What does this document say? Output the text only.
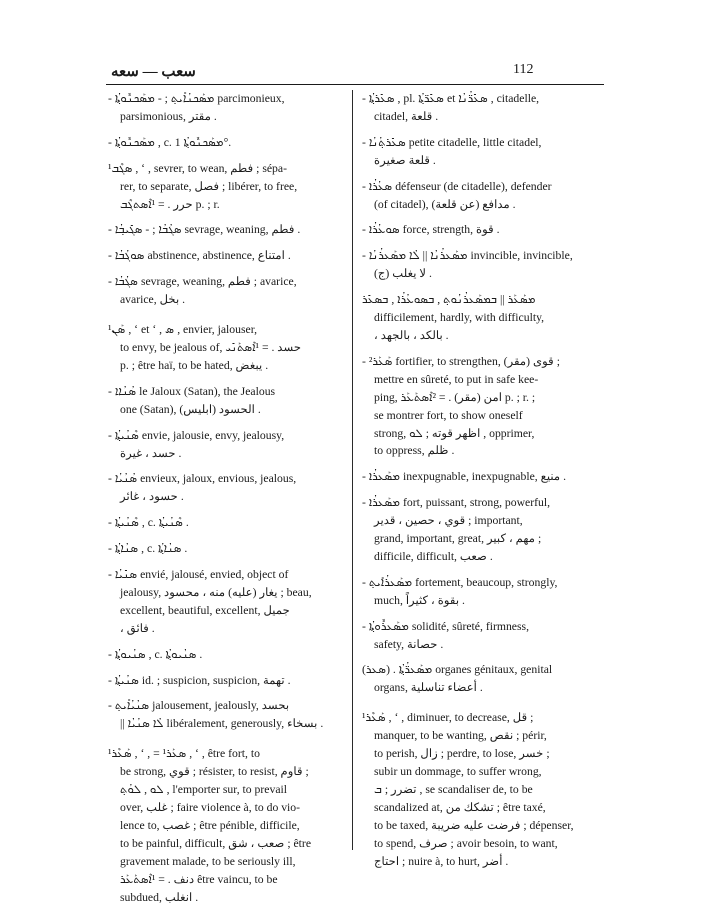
سعب — سعه	112
- ܡܣܰܟܢܳܐܺܝܬ݂ ; - ܡܣܰܟܢܽܘܬ݂ܳܐ parcimonieux,
parsimonious, مقتر .
- ܡܣܰܟܢܽܘܬ݂ܳܐ , c. ܡܣܰܟܢܽܘܬ݂ܳܐ 1°.
¹ܣܓܶܒ , ʻ , sevrer, to wean, فطم ; sépa-
rer, to separate, فصل ; libérer, to free,
حرر . = ¹ܐܶܣܬܓܶܒ p. ; r.
- ܣܓܳܒܳܐ ; - ܣܓܺܝܒ݂ܳܐ sevrage, weaning, فطم .
- ܣܘܓܳܒܳܐ abstinence, abstinence, امتناع .
- ܣܓܳܒܳܐ sevrage, weaning, فطم ; avarice,
avarice, بخل .
¹ܣܰܢ , ʻ et ʻ , ܣ , envier, jalouser,
to envy, be jealous of, حسد . = ¹ܐܶܣܬܰܢܺܝ
p. ; être haï, to be hated, يبغض .
- ܣܳܢܳܐܐ le Jaloux (Satan), the Jealous
one (Satan), الحسود (ابليس) .
- ܣܶܢܳܝܬ݂ܳܐ envie, jalousie, envy, jealousy,
حسد ، غيرة .
- ܣܳܢܳܝܳܐ envieux, jaloux, envious, jealous,
حسود ، غائر .
- ܣܶܢܳܝܬ݂ܳܐ , c. ܣܶܢܳܝܬ݂ܳܐ .
- ܣܢܳܐܬ݂ܳܐ , c. ܣܢܳܐܬ݂ܳܐ .
- ܣܢܺܝܳܐ envié, jalousé, envied, object of
jealousy, يغار (عليه) منه ، محسود ; beau,
excellent, beautiful, excellent, جميل
، فائق .
- ܣܢܳܝܘܬ݂ܳܐ , c. ܣܢܳܝܘܬ݂ܳܐ .
- ܣܢܳܝܬ݂ܳܐ id. ; suspicion, suspicion, تهمة .
- ܣܢܳܝܳܐܺܝܬ݂ jalousement, jealously, بحسد
|| ܠܳܐ ܣܢܳܝܳܐ libéralement, generously, بسخاء .
¹ܣܰܥܶܪ , ʻ , = ¹ܣܥܰܪ , ʻ , être fort, to
be strong, قوي ; résister, to resist, قاوم ;
ܠܘ , ܠܘܳܬ݂ , l'emporter sur, to prevail
over, غلب ; faire violence à, to do vio-
lence to, غصب ; être pénible, difficile,
to be painful, difficult, صعب ، شق ; être
gravement malade, to be seriously ill,
دنف . = ¹ܐܶܣܬܰܥܰܪ être vaincu, to be
subdued, انغلب .
- ܣܥܺܪܬ݂ܳܐ , pl. ܣܥܺܪ̈ܬ݂ܳܐ et ܣܥܺܪ̈ܳܢܳܐ , citadelle,
citadel, قلعة .
- ܣܥܺܪܬ݂ܳܢܳܐ petite citadelle, little citadel,
قلعة صغيرة .
- ܣܥܳܪܳܐ défenseur (de citadelle), defender
(of citadel), مدافع (عن قلعة) .
- ܣܘܥܳܪܳܐ force, strength, قوة .
- ܡܣܰܥܪܳܢܳܐ || ܠܳܐ ܡܣܰܥܪܳܢܳܐ invincible, invincible,
لا يغلب (ج) .
ܡܣܰܥܰܪ || ܒܡܣܰܥܪܳܢܳܘܬ݂ , ܒܣܘܥܳܪܳܐ , ܒܣܥܺܪ
difficilement, hardly, with difficulty,
، بالكد ، بالجهد .
- ²ܣܰܥܰܪ fortifier, to strengthen, قوى (مقر) ;
mettre en sûreté, to put in safe kee-
ping, امن (مقر) . = ²ܐܶܣܬܰܥܰܪ p. ; r. ;
se montrer fort, to show oneself
strong, اظهر قوته ; ܠܘ , opprimer,
to oppress, ظلم .
- ܡܣܰܥܪܳܐ inexpugnable, inexpugnable, منيع .
- ܡܣܰܥܪܳܐ fort, puissant, strong, powerful,
قوي ، حصين ، قدير ; important,
grand, important, great, مهم ، كبير ;
difficile, difficult, صعب .
- ܡܣܰܥܪܳܐܺܝܬ݂ fortement, beaucoup, strongly,
much, بقوة ، كثيراً .
- ܡܣܰܥܪܽܘܬ݂ܳܐ solidité, sûreté, firmness,
safety, حصانة .
(ܣܥܪ) . ܡܣܰܥܪ̈ܳܬ݂ܳܐ organes génitaux, genital
organs, أعضاء تناسلية .
¹ܣܰܥܶܪ , ʻ , diminuer, to decrease, قل ;
manquer, to be wanting, نقص ; périr,
to perish, زال ; perdre, to lose, خسر ;
subir un dommage, to suffer wrong,
تضرر ; ܒ , se scandaliser de, to be
scandalized at, تشكك من ; être taxé,
to be taxed, فرضت عليه ضريبة ; dépenser,
to spend, صرف ; avoir besoin, to want,
احتاج ; nuire à, to hurt, أضر .
